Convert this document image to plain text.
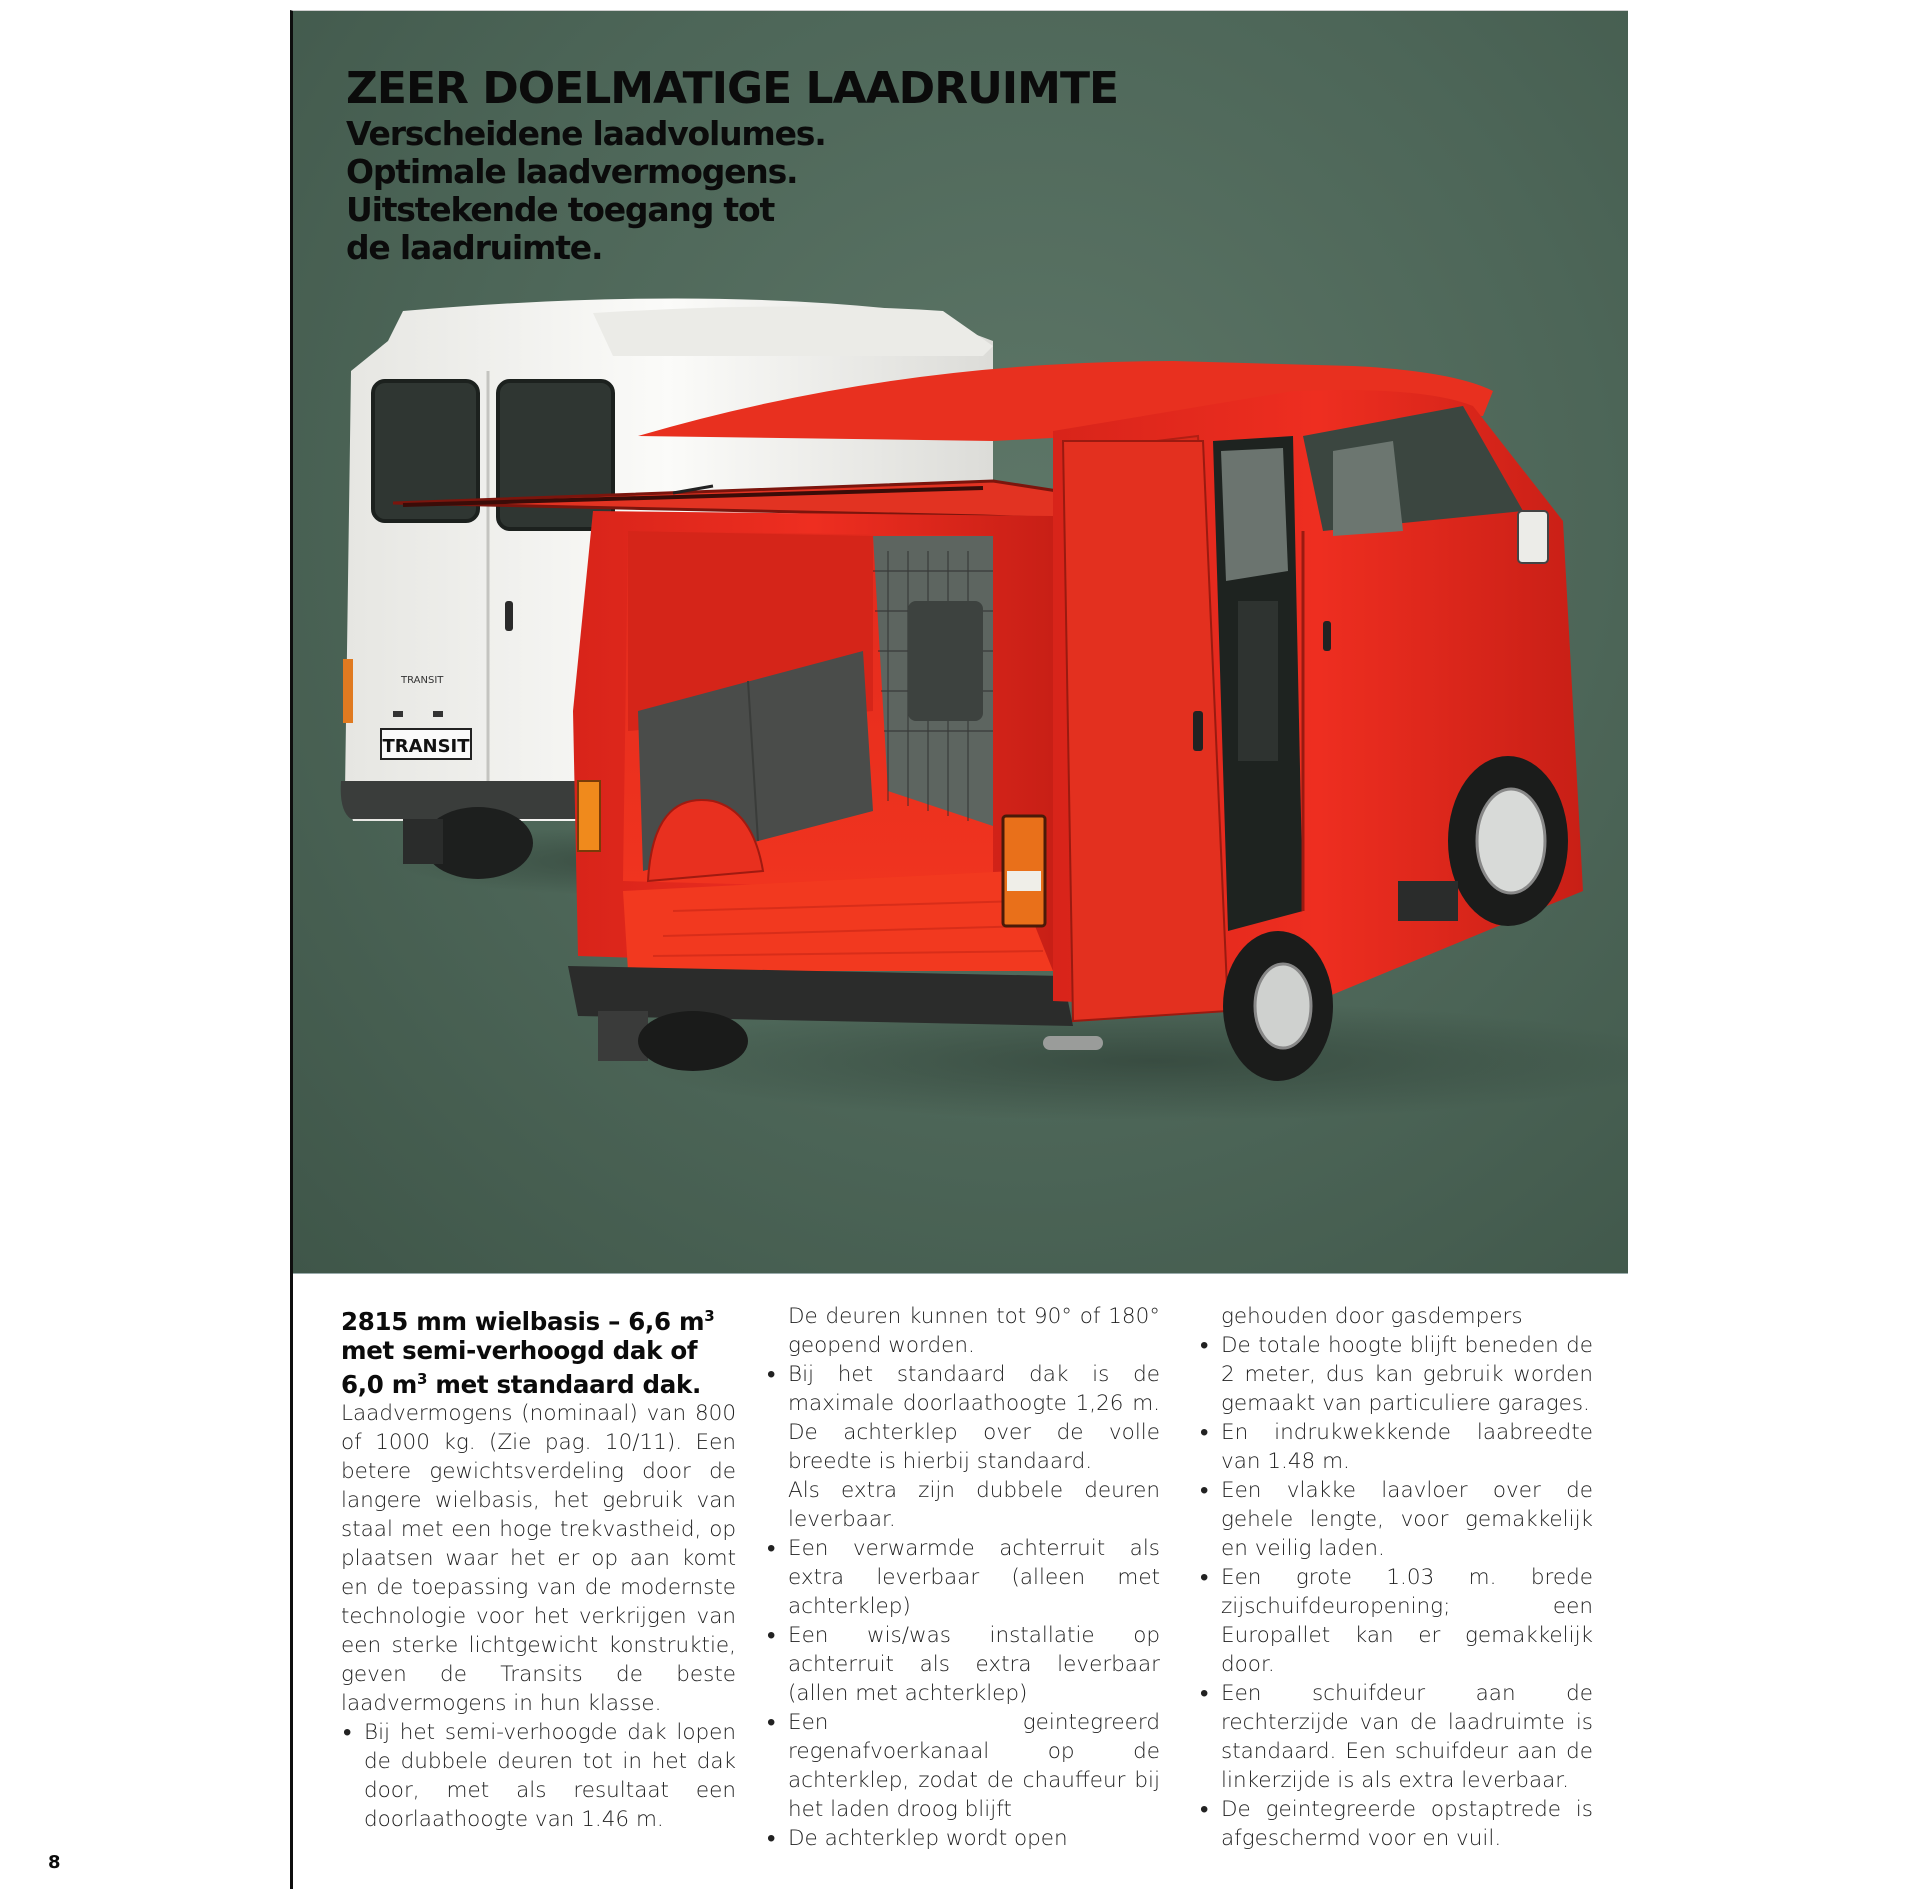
TRANSIT
TRANSIT
ZEER DOELMATIGE LAADRUIMTE
Verscheidene laadvolumes.
Optimale laadvermogens.
Uitstekende toegang tot
de laadruimte.

2815 mm wielbasis – 6,6 $m^3$
met semi-verhoogd dak of
6,0 $m^3$ met standaard dak.

Laadvermogens (nominaal) van 800 of 1000 kg. (Zie pag. 10/11). Een betere gewichtsverdeling door de langere wielbasis, het gebruik van staal met een hoge trekvastheid, op plaatsen waar het er op aan komt en de toepassing van de modernste technologie voor het verkrijgen van een sterke lichtgewicht konstruktie, geven de Transits de beste laadvermogens in hun klasse.

• Bij het semi-verhoogde dak lopen de dubbele deuren tot in het dak door, met als resultaat een doorlaathoogte van 1.46 m.

De deuren kunnen tot 90° of 180° geopend worden.

• Bij het standaard dak is de maximale doorlaathoogte 1,26 m. De achterklep over de volle breedte is hierbij standaard.

Als extra zijn dubbele deuren leverbaar.

• Een verwarmde achterruit als extra leverbaar (alleen met achterklep)
• Een wis/was installatie op achterruit als extra leverbaar (allen met achterklep)
• Een geintegreerd regenafvoerkanaal op de achterklep, zodat de chauffeur bij het laden droog blijft
• De achterklep wordt open

gehouden door gasdempers

• De totale hoogte blijft beneden de 2 meter, dus kan gebruik worden gemaakt van particuliere garages.
• En indrukwekkende laabreedte van 1.48 m.
• Een vlakke laavloer over de gehele lengte, voor gemakkelijk en veilig laden.
• Een grote 1.03 m. brede zijschuifdeuropening; een Europallet kan er gemakkelijk door.
• Een schuifdeur aan de rechterzijde van de laadruimte is standaard. Een schuifdeur aan de linkerzijde is als extra leverbaar.
• De geintegreerde opstaptrede is afgeschermd voor en vuil.
8
